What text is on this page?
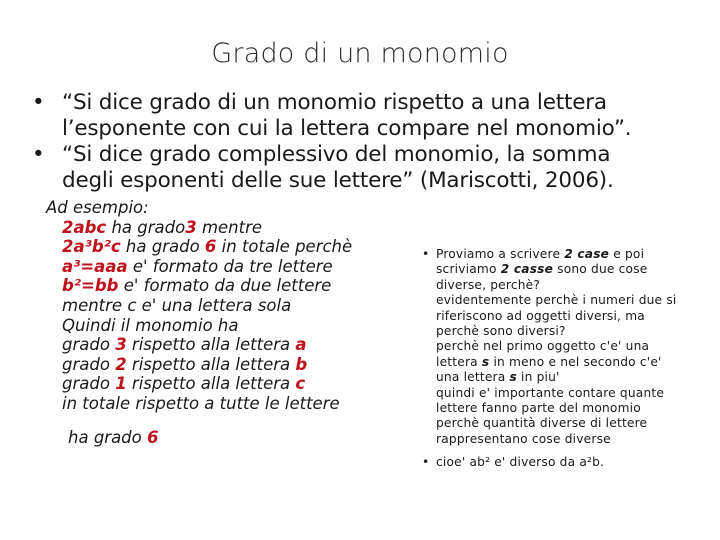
Grado di un monomio
• “Si dice grado di un monomio rispetto a una lettera
l’esponente con cui la lettera compare nel monomio”.
• “Si dice grado complessivo del monomio, la somma
degli esponenti delle sue lettere” (Mariscotti, 2006).
Ad esempio:
2abc ha grado3 mentre
2a³b²c ha grado 6 in totale perchè
a³=aaa e' formato da tre lettere
b²=bb e' formato da due lettere
mentre c e' una lettera sola
Quindi il monomio ha
grado 3 rispetto alla lettera a
grado 2 rispetto alla lettera b
grado 1 rispetto alla lettera c
in totale rispetto a tutte le lettere
ha grado 6
• Proviamo a scrivere 2 case e poi
scriviamo 2 casse sono due cose
diverse, perchè?
evidentemente perchè i numeri due si
riferiscono ad oggetti diversi, ma
perchè sono diversi?
perchè nel primo oggetto c'e' una
lettera s in meno e nel secondo c'e'
una lettera s in piu'
quindi e' importante contare quante
lettere fanno parte del monomio
perchè quantità diverse di lettere
rappresentano cose diverse
• cioe' ab² e' diverso da a²b.
